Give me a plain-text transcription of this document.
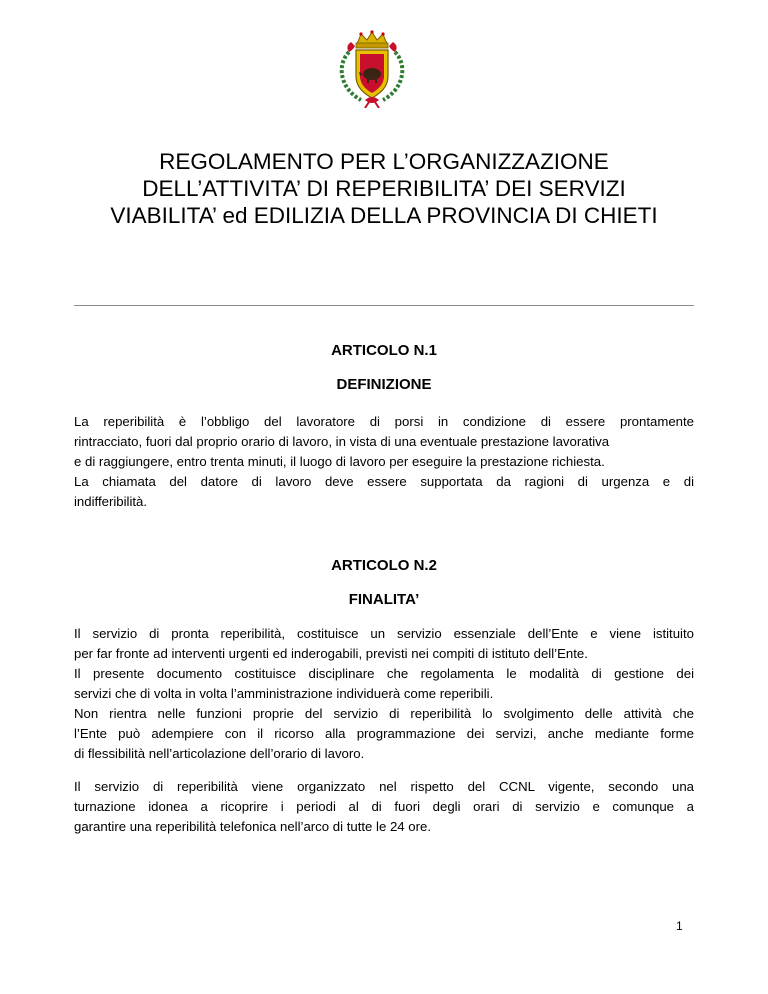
REGOLAMENTO PER L’ORGANIZZAZIONE
DELL’ATTIVITA’ DI REPERIBILITA’ DEI SERVIZI
VIABILITA’ ed EDILIZIA DELLA PROVINCIA DI CHIETI
ARTICOLO N.1
DEFINIZIONE
La reperibilità è l’obbligo del lavoratore di porsi in condizione di essere prontamente
rintracciato, fuori dal proprio orario di lavoro, in vista di una eventuale prestazione lavorativa
e di raggiungere, entro trenta minuti, il luogo di lavoro per eseguire la prestazione richiesta.
La chiamata del datore di lavoro deve essere supportata da ragioni di urgenza e di
indifferibilità.
ARTICOLO N.2
FINALITA’
Il servizio di pronta reperibilità, costituisce un servizio essenziale dell’Ente e viene istituito
per far fronte ad interventi urgenti ed inderogabili, previsti nei compiti di istituto dell’Ente.
Il presente documento costituisce disciplinare che regolamenta le modalità di gestione dei
servizi che di volta in volta l’amministrazione individuerà come reperibili.
Non rientra nelle funzioni proprie del servizio di reperibilità lo svolgimento delle attività che
l’Ente può adempiere con il ricorso alla programmazione dei servizi, anche mediante forme
di flessibilità nell’articolazione dell’orario di lavoro.
Il servizio di reperibilità viene organizzato nel rispetto del CCNL vigente, secondo una
turnazione idonea a ricoprire i periodi al di fuori degli orari di servizio e comunque a
garantire una reperibilità telefonica nell’arco di tutte le 24 ore.
1
